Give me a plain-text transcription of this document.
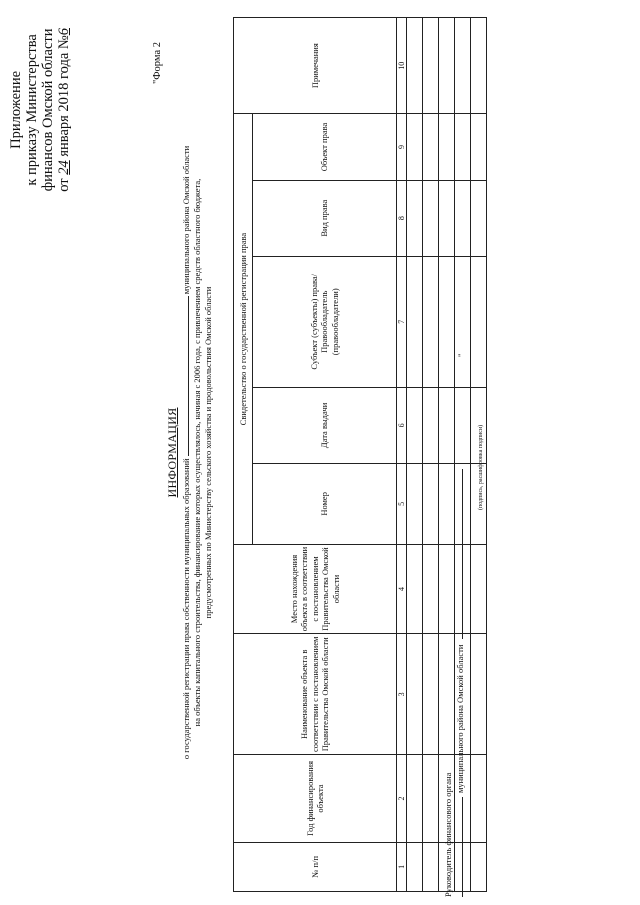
Приложение к приказу Министерства финансов Омской области от 24 января 2018 года №6
"Форма 2
ИНФОРМАЦИЯ
о государственной регистрации права собственности муниципальных образований  муниципального района Омской области на объекты капитального строительства, финансирование которых осуществлялось, начиная с 2006 года, с привлечением средств областного бюджета, предусмотренных по Министерству сельского хозяйства и продовольствия Омской области
№ п/п	Год финансирования объекта	Наименование объекта в соответствии с постановлением Правительства Омской области	Место нахождения объекта в соответствии с постановлением Правительства Омской области	Свидетельство о государственной регистрации права					Примечания
				Номер	Дата выдачи	Субъект (субъекты) права/ Правообладатель (правообладатели)	Вид права	Объект права	
1	2	3	4	5	6	7	8	9	10

Руководитель финансового органа
муниципального района Омской области
"
(подпись, расшифровка подписи)
